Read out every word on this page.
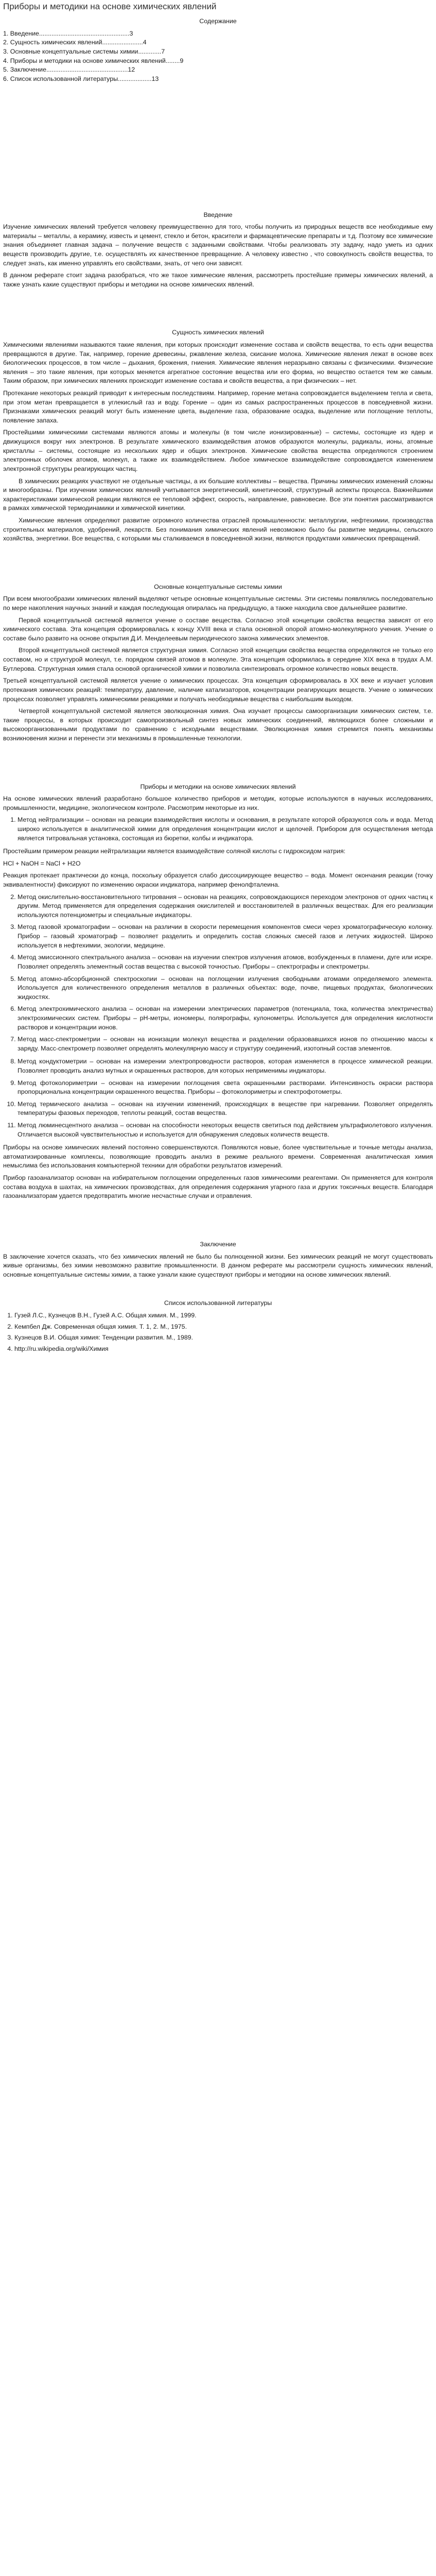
Приборы и методики на основе химических явлений
Содержание
1. Введение...................................................3
2. Сущность химических явлений.......................4
3. Основные концептуальные системы химии.............7
4. Приборы и методики на основе химических явлений........9
5. Заключение..............................................12
6. Список использованной литературы...................13
Введение

Изучение химических явлений требуется человеку преимущественно для того, чтобы получить из природных веществ все необходимые ему материалы – металлы, а керамику, известь и цемент, стекло и бетон, красители и фармацевтические препараты и т.д. Поэтому все химические знания объединяет главная задача – получение веществ с заданными свойствами. Чтобы реализовать эту задачу, надо уметь из одних веществ производить другие, т.е. осуществлять их качественное превращение. А человеку известно , что совокупность свойств вещества, то следует знать, как именно управлять его свойствами, знать, от чего они зависят.

В данном реферате стоит задача разобраться, что же такое химические явления, рассмотреть простейшие примеры химических явлений, а также узнать какие существуют приборы и методики на основе химических явлений.

Сущность химических явлений

Химическими явлениями называются такие явления, при которых происходит изменение состава и свойств вещества, то есть одни вещества превращаются в другие. Так, например, горение древесины, ржавление железа, скисание молока. Химические явления лежат в основе всех биологических процессов, в том числе – дыхания, брожения, гниения. Химические явления неразрывно связаны с физическими. Физические явления – это такие явления, при которых меняется агрегатное состояние вещества или его форма, но вещество остается тем же самым. Таким образом, при химических явлениях происходит изменение состава и свойств вещества, а при физических – нет.

Протекание некоторых реакций приводит к интересным последствиям. Например, горение метана сопровождается выделением тепла и света, при этом метан превращается в углекислый газ и воду. Горение – один из самых распространенных процессов в повседневной жизни. Признаками химических реакций могут быть изменение цвета, выделение газа, образование осадка, выделение или поглощение теплоты, появление запаха.

Простейшими химическими системами являются атомы и молекулы (в том числе ионизированные) – системы, состоящие из ядер и движущихся вокруг них электронов. В результате химического взаимодействия атомов образуются молекулы, радикалы, ионы, атомные кристаллы – системы, состоящие из нескольких ядер и общих электронов. Химические свойства вещества определяются строением электронных оболочек атомов, молекул, а также их взаимодействием. Любое химическое взаимодействие сопровождается изменением электронной структуры реагирующих частиц.

В химических реакциях участвуют не отдельные частицы, а их большие коллективы – вещества. Причины химических изменений сложны и многообразны. При изучении химических явлений учитывается энергетический, кинетический, структурный аспекты процесса. Важнейшими характеристиками химической реакции являются ее тепловой эффект, скорость, направление, равновесие. Все эти понятия рассматриваются в рамках химической термодинамики и химической кинетики.

Химические явления определяют развитие огромного количества отраслей промышленности: металлургии, нефтехимии, производства строительных материалов, удобрений, лекарств. Без понимания химических явлений невозможно было бы развитие медицины, сельского хозяйства, энергетики. Все вещества, с которыми мы сталкиваемся в повседневной жизни, являются продуктами химических превращений.

Основные концептуальные системы химии

При всем многообразии химических явлений выделяют четыре основные концептуальные системы. Эти системы появлялись последовательно по мере накопления научных знаний и каждая последующая опиралась на предыдущую, а также находила свое дальнейшее развитие.

Первой концептуальной системой является учение о составе вещества. Согласно этой концепции свойства вещества зависят от его химического состава. Эта концепция сформировалась к концу XVIII века и стала основной опорой атомно-молекулярного учения. Учение о составе было развито на основе открытия Д.И. Менделеевым периодического закона химических элементов.

Второй концептуальной системой является структурная химия. Согласно этой концепции свойства вещества определяются не только его составом, но и структурой молекул, т.е. порядком связей атомов в молекуле. Эта концепция оформилась в середине XIX века в трудах А.М. Бутлерова. Структурная химия стала основой органической химии и позволила синтезировать огромное количество новых веществ.

Третьей концептуальной системой является учение о химических процессах. Эта концепция сформировалась в XX веке и изучает условия протекания химических реакций: температуру, давление, наличие катализаторов, концентрации реагирующих веществ. Учение о химических процессах позволяет управлять химическими реакциями и получать необходимые вещества с наибольшим выходом.

Четвертой концептуальной системой является эволюционная химия. Она изучает процессы самоорганизации химических систем, т.е. такие процессы, в которых происходит самопроизвольный синтез новых химических соединений, являющихся более сложными и высокоорганизованными продуктами по сравнению с исходными веществами. Эволюционная химия стремится понять механизмы возникновения жизни и перенести эти механизмы в промышленные технологии.

Приборы и методики на основе химических явлений

На основе химических явлений разработано большое количество приборов и методик, которые используются в научных исследованиях, промышленности, медицине, экологическом контроле. Рассмотрим некоторые из них.

1. Метод нейтрализации – основан на реакции взаимодействия кислоты и основания, в результате которой образуются соль и вода. Метод широко используется в аналитической химии для определения концентрации кислот и щелочей. Прибором для осуществления метода является титровальная установка, состоящая из бюретки, колбы и индикатора.

Простейшим примером реакции нейтрализации является взаимодействие соляной кислоты с гидроксидом натрия:

HCl + NaOH = NaCl + H2O

Реакция протекает практически до конца, поскольку образуется слабо диссоциирующее вещество – вода. Момент окончания реакции (точку эквивалентности) фиксируют по изменению окраски индикатора, например фенолфталеина.

2. Метод окислительно-восстановительного титрования – основан на реакциях, сопровождающихся переходом электронов от одних частиц к другим. Метод применяется для определения содержания окислителей и восстановителей в различных веществах. Для его реализации используются потенциометры и специальные индикаторы.
3. Метод газовой хроматографии – основан на различии в скорости перемещения компонентов смеси через хроматографическую колонку. Прибор – газовый хроматограф – позволяет разделить и определить состав сложных смесей газов и летучих жидкостей. Широко используется в нефтехимии, экологии, медицине.
4. Метод эмиссионного спектрального анализа – основан на изучении спектров излучения атомов, возбужденных в пламени, дуге или искре. Позволяет определять элементный состав вещества с высокой точностью. Приборы – спектрографы и спектрометры.
5. Метод атомно-абсорбционной спектроскопии – основан на поглощении излучения свободными атомами определяемого элемента. Используется для количественного определения металлов в различных объектах: воде, почве, пищевых продуктах, биологических жидкостях.
6. Метод электрохимического анализа – основан на измерении электрических параметров (потенциала, тока, количества электричества) электрохимических систем. Приборы – pH-метры, иономеры, полярографы, кулонометры. Используется для определения кислотности растворов и концентрации ионов.
7. Метод масс-спектрометрии – основан на ионизации молекул вещества и разделении образовавшихся ионов по отношению массы к заряду. Масс-спектрометр позволяет определять молекулярную массу и структуру соединений, изотопный состав элементов.
8. Метод кондуктометрии – основан на измерении электропроводности растворов, которая изменяется в процессе химической реакции. Позволяет проводить анализ мутных и окрашенных растворов, для которых неприменимы индикаторы.
9. Метод фотоколориметрии – основан на измерении поглощения света окрашенными растворами. Интенсивность окраски раствора пропорциональна концентрации окрашенного вещества. Приборы – фотоколориметры и спектрофотометры.
10. Метод термического анализа – основан на изучении изменений, происходящих в веществе при нагревании. Позволяет определять температуры фазовых переходов, теплоты реакций, состав вещества.
11. Метод люминесцентного анализа – основан на способности некоторых веществ светиться под действием ультрафиолетового излучения. Отличается высокой чувствительностью и используется для обнаружения следовых количеств веществ.

Приборы на основе химических явлений постоянно совершенствуются. Появляются новые, более чувствительные и точные методы анализа, автоматизированные комплексы, позволяющие проводить анализ в режиме реального времени. Современная аналитическая химия немыслима без использования компьютерной техники для обработки результатов измерений.

Прибор газоанализатор основан на избирательном поглощении определенных газов химическими реагентами. Он применяется для контроля состава воздуха в шахтах, на химических производствах, для определения содержания угарного газа и других токсичных веществ. Благодаря газоанализаторам удается предотвратить многие несчастные случаи и отравления.

Заключение

В заключение хочется сказать, что без химических явлений не было бы полноценной жизни. Без химических реакций не могут существовать живые организмы, без химии невозможно развитие промышленности. В данном реферате мы рассмотрели сущность химических явлений, основные концептуальные системы химии, а также узнали какие существуют приборы и методики на основе химических явлений.

Список использованной литературы
1. Гузей Л.С., Кузнецов В.Н., Гузей А.С. Общая химия. М., 1999.
2. Кемпбел Дж. Современная общая химия. Т. 1, 2. М., 1975.
3. Кузнецов В.И. Общая химия: Тенденции развития. М., 1989.
4. http://ru.wikipedia.org/wiki/Химия
